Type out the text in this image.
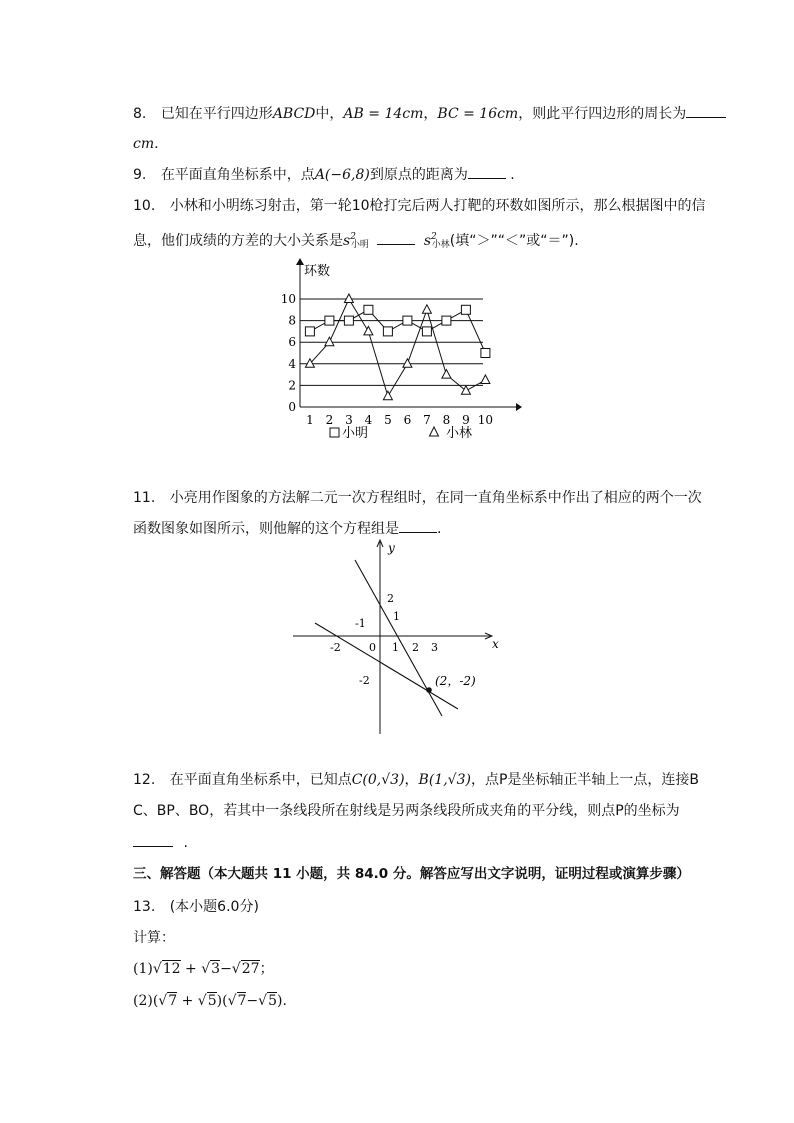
8. 已知在平行四边形ABCD中，AB = 14cm，BC = 16cm，则此平行四边形的周长为
cm.
9. 在平面直角坐标系中，点A(−6,8)到原点的距离为	.
10. 小林和小明练习射击，第一轮10枪打完后两人打靶的环数如图所示，那么根据图中的信
息，他们成绩的方差的大小关系是$s^2_{小明}$	$s^2_{小林}$(填“＞”“＜”或“＝”).
环数
0
2
4
6
8
10
1 2 3 4 5 6 7 8 9 10
小明	小林
11. 小亮用作图象的方法解二元一次方程组时，在同一直角坐标系中作出了相应的两个一次
函数图象如图所示，则他解的这个方程组是	.
x
y
-2	0 1 2 3
-1
2
1
-2	(2，-2)
12. 在平面直角坐标系中，已知点C(0,√3)，B(1,√3)，点P是坐标轴正半轴上一点，连接B
C、BP、BO，若其中一条线段所在射线是另两条线段所成夹角的平分线，则点P的坐标为
.
三、解答题（本大题共 11 小题，共 84.0 分。解答应写出文字说明，证明过程或演算步骤）
13. (本小题6.0分)
计算：
(1)√12 + √3−√27；
(2)(√7 + √5)(√7−√5).
